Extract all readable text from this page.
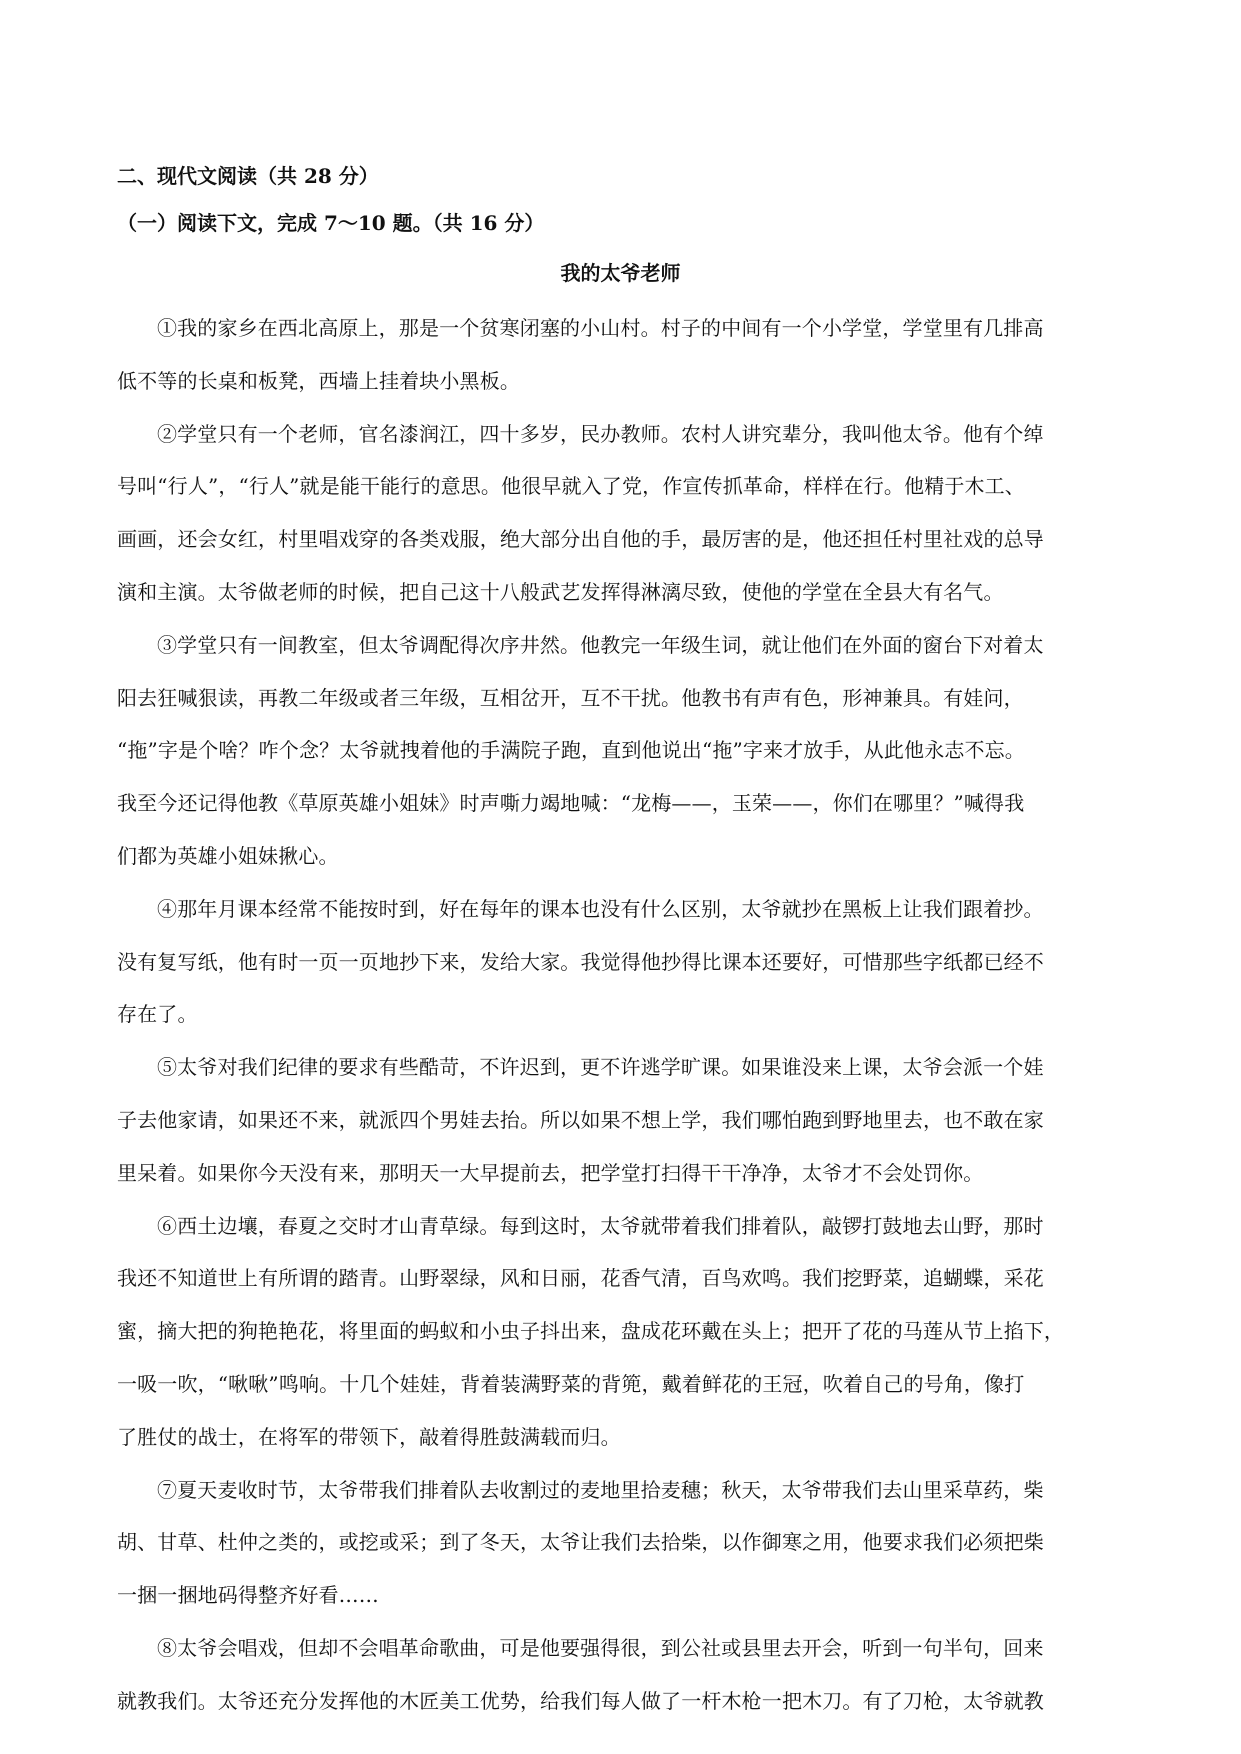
二、现代文阅读（共 28 分）
（一）阅读下文，完成 7～10 题。（共 16 分）
我的太爷老师
①我的家乡在西北高原上，那是一个贫寒闭塞的小山村。村子的中间有一个小学堂，学堂里有几排高
低不等的长桌和板凳，西墙上挂着块小黑板。
②学堂只有一个老师，官名漆润江，四十多岁，民办教师。农村人讲究辈分，我叫他太爷。他有个绰
号叫“行人”，“行人”就是能干能行的意思。他很早就入了党，作宣传抓革命，样样在行。他精于木工、
画画，还会女红，村里唱戏穿的各类戏服，绝大部分出自他的手，最厉害的是，他还担任村里社戏的总导
演和主演。太爷做老师的时候，把自己这十八般武艺发挥得淋漓尽致，使他的学堂在全县大有名气。
③学堂只有一间教室，但太爷调配得次序井然。他教完一年级生词，就让他们在外面的窗台下对着太
阳去狂喊狠读，再教二年级或者三年级，互相岔开，互不干扰。他教书有声有色，形神兼具。有娃问，
“拖”字是个啥？咋个念？太爷就拽着他的手满院子跑，直到他说出“拖”字来才放手，从此他永志不忘。
我至今还记得他教《草原英雄小姐妹》时声嘶力竭地喊：“龙梅——，玉荣——，你们在哪里？”喊得我
们都为英雄小姐妹揪心。
④那年月课本经常不能按时到，好在每年的课本也没有什么区别，太爷就抄在黑板上让我们跟着抄。
没有复写纸，他有时一页一页地抄下来，发给大家。我觉得他抄得比课本还要好，可惜那些字纸都已经不
存在了。
⑤太爷对我们纪律的要求有些酷苛，不许迟到，更不许逃学旷课。如果谁没来上课，太爷会派一个娃
子去他家请，如果还不来，就派四个男娃去抬。所以如果不想上学，我们哪怕跑到野地里去，也不敢在家
里呆着。如果你今天没有来，那明天一大早提前去，把学堂打扫得干干净净，太爷才不会处罚你。
⑥西土边壤，春夏之交时才山青草绿。每到这时，太爷就带着我们排着队，敲锣打鼓地去山野，那时
我还不知道世上有所谓的踏青。山野翠绿，风和日丽，花香气清，百鸟欢鸣。我们挖野菜，追蝴蝶，采花
蜜，摘大把的狗艳艳花，将里面的蚂蚁和小虫子抖出来，盘成花环戴在头上；把开了花的马莲从节上掐下，
一吸一吹，“啾啾”鸣响。十几个娃娃，背着装满野菜的背篼，戴着鲜花的王冠，吹着自己的号角，像打
了胜仗的战士，在将军的带领下，敲着得胜鼓满载而归。
⑦夏天麦收时节，太爷带我们排着队去收割过的麦地里拾麦穗；秋天，太爷带我们去山里采草药，柴
胡、甘草、杜仲之类的，或挖或采；到了冬天，太爷让我们去拾柴，以作御寒之用，他要求我们必须把柴
一捆一捆地码得整齐好看……
⑧太爷会唱戏，但却不会唱革命歌曲，可是他要强得很，到公社或县里去开会，听到一句半句，回来
就教我们。太爷还充分发挥他的木匠美工优势，给我们每人做了一杆木枪一把木刀。有了刀枪，太爷就教
